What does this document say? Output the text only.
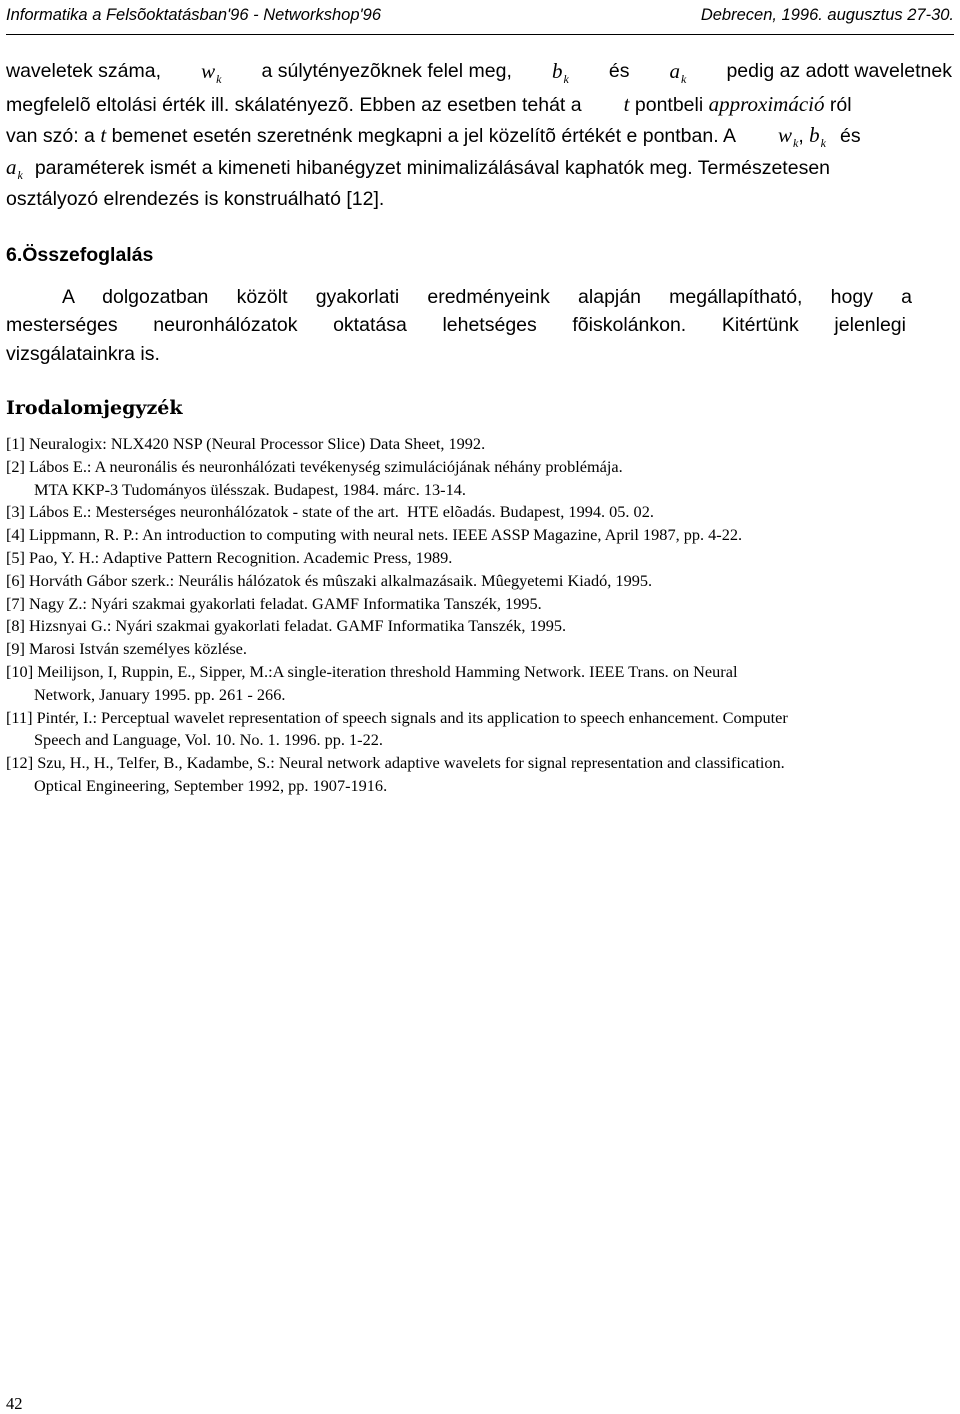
Informatika a Felsõoktatásban'96 - Networkshop'96	Debrecen, 1996. augusztus 27-30.
waveletek száma, $w_k$ a súlytényezõknek felel meg, $b_k$ és $a_k$ pedig az adott waveletnek
megfelelõ eltolási érték ill. skálatényezõ. Ebben az esetben tehát a t pontbeli approximáció ról
van szó: a t bemenet esetén szeretnénk megkapni a jel közelítõ értékét e pontban. A $w_k$, $b_k$ és
$a_k$ paraméterek ismét a kimeneti hibanégyzet minimalizálásával kaphatók meg. Természetesen
osztályozó elrendezés is konstruálható [12].
6.Összefoglalás
A dolgozatban közölt gyakorlati eredményeink alapján megállapítható, hogy a
mesterséges neuronhálózatok oktatása lehetséges fõiskolánkon. Kitértünk jelenlegi
vizsgálatainkra is.
Irodalomjegyzék
[1] Neuralogix: NLX420 NSP (Neural Processor Slice) Data Sheet, 1992.
[2] Lábos E.: A neuronális és neuronhálózati tevékenység szimulációjának néhány problémája.
MTA KKP-3 Tudományos ülésszak. Budapest, 1984. márc. 13-14.
[3] Lábos E.: Mesterséges neuronhálózatok - state of the art.  HTE elõadás. Budapest, 1994. 05. 02.
[4] Lippmann, R. P.: An introduction to computing with neural nets. IEEE ASSP Magazine, April 1987, pp. 4-22.
[5] Pao, Y. H.: Adaptive Pattern Recognition. Academic Press, 1989.
[6] Horváth Gábor szerk.: Neurális hálózatok és mûszaki alkalmazásaik. Mûegyetemi Kiadó, 1995.
[7] Nagy Z.: Nyári szakmai gyakorlati feladat. GAMF Informatika Tanszék, 1995.
[8] Hizsnyai G.: Nyári szakmai gyakorlati feladat. GAMF Informatika Tanszék, 1995.
[9] Marosi István személyes közlése.
[10] Meilijson, I, Ruppin, E., Sipper, M.:A single-iteration threshold Hamming Network. IEEE Trans. on Neural
Network, January 1995. pp. 261 - 266.
[11] Pintér, I.: Perceptual wavelet representation of speech signals and its application to speech enhancement. Computer
Speech and Language, Vol. 10. No. 1. 1996. pp. 1-22.
[12] Szu, H., H., Telfer, B., Kadambe, S.: Neural network adaptive wavelets for signal representation and classification.
Optical Engineering, September 1992, pp. 1907-1916.
42
